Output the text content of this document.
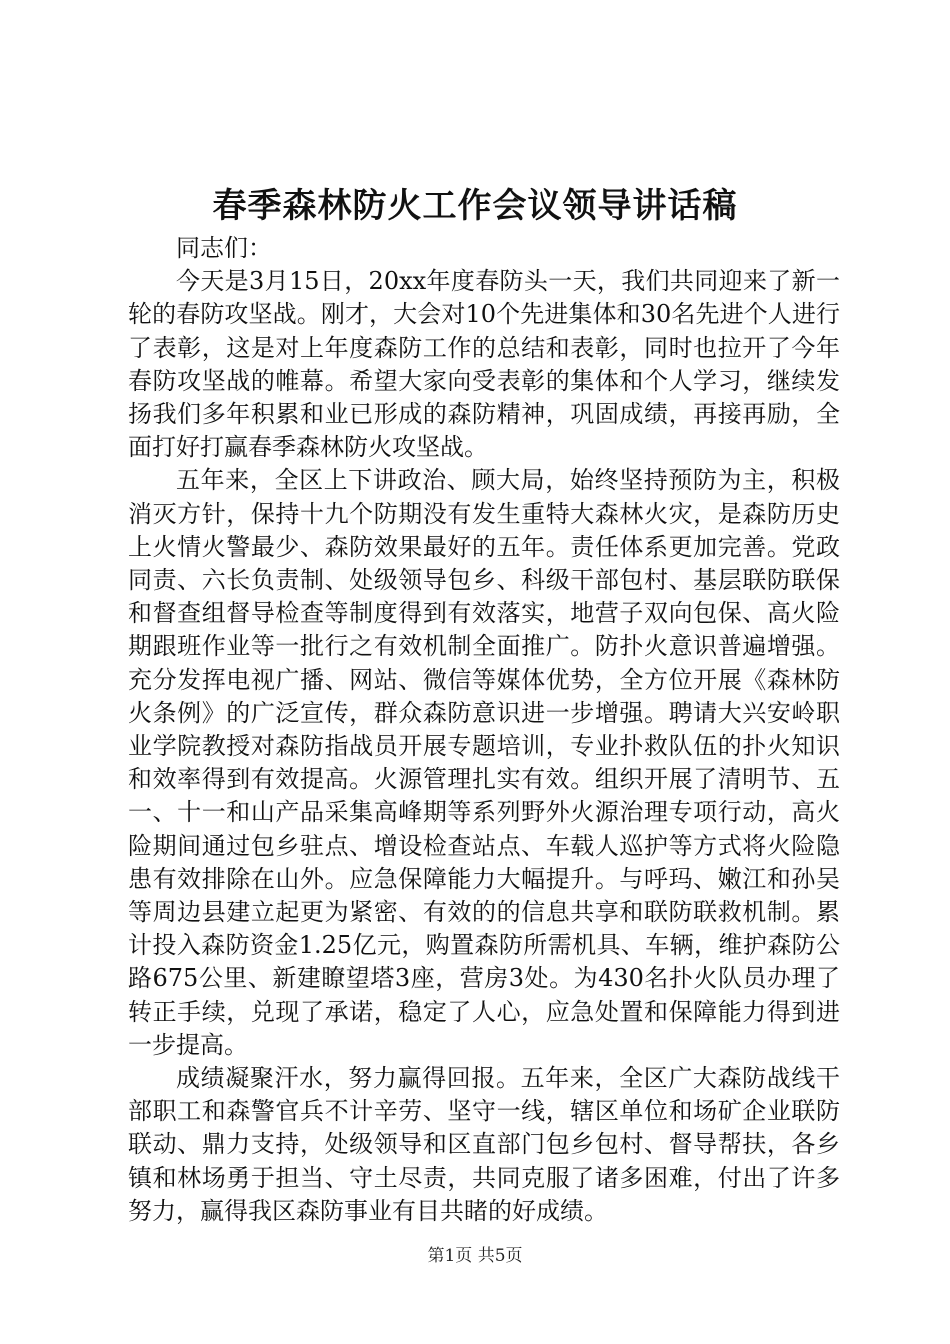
春季森林防火工作会议领导讲话稿

同志们：

今天是3月15日，20xx年度春防头一天，我们共同迎来了新一轮的春防攻坚战。刚才，大会对10个先进集体和30名先进个人进行了表彰，这是对上年度森防工作的总结和表彰，同时也拉开了今年春防攻坚战的帷幕。希望大家向受表彰的集体和个人学习，继续发扬我们多年积累和业已形成的森防精神，巩固成绩，再接再励，全面打好打赢春季森林防火攻坚战。

五年来，全区上下讲政治、顾大局，始终坚持预防为主，积极消灭方针，保持十九个防期没有发生重特大森林火灾，是森防历史上火情火警最少、森防效果最好的五年。责任体系更加完善。党政同责、六长负责制、处级领导包乡、科级干部包村、基层联防联保和督查组督导检查等制度得到有效落实，地营子双向包保、高火险期跟班作业等一批行之有效机制全面推广。防扑火意识普遍增强。充分发挥电视广播、网站、微信等媒体优势，全方位开展《森林防火条例》的广泛宣传，群众森防意识进一步增强。聘请大兴安岭职业学院教授对森防指战员开展专题培训，专业扑救队伍的扑火知识和效率得到有效提高。火源管理扎实有效。组织开展了清明节、五一、十一和山产品采集高峰期等系列野外火源治理专项行动，高火险期间通过包乡驻点、增设检查站点、车载人巡护等方式将火险隐患有效排除在山外。应急保障能力大幅提升。与呼玛、嫩江和孙吴等周边县建立起更为紧密、有效的的信息共享和联防联救机制。累计投入森防资金1.25亿元，购置森防所需机具、车辆，维护森防公路675公里、新建瞭望塔3座，营房3处。为430名扑火队员办理了转正手续，兑现了承诺，稳定了人心，应急处置和保障能力得到进一步提高。

成绩凝聚汗水，努力赢得回报。五年来，全区广大森防战线干部职工和森警官兵不计辛劳、坚守一线，辖区单位和场矿企业联防联动、鼎力支持，处级领导和区直部门包乡包村、督导帮扶，各乡镇和林场勇于担当、守土尽责，共同克服了诸多困难，付出了许多努力，赢得我区森防事业有目共睹的好成绩。

第1页 共5页
